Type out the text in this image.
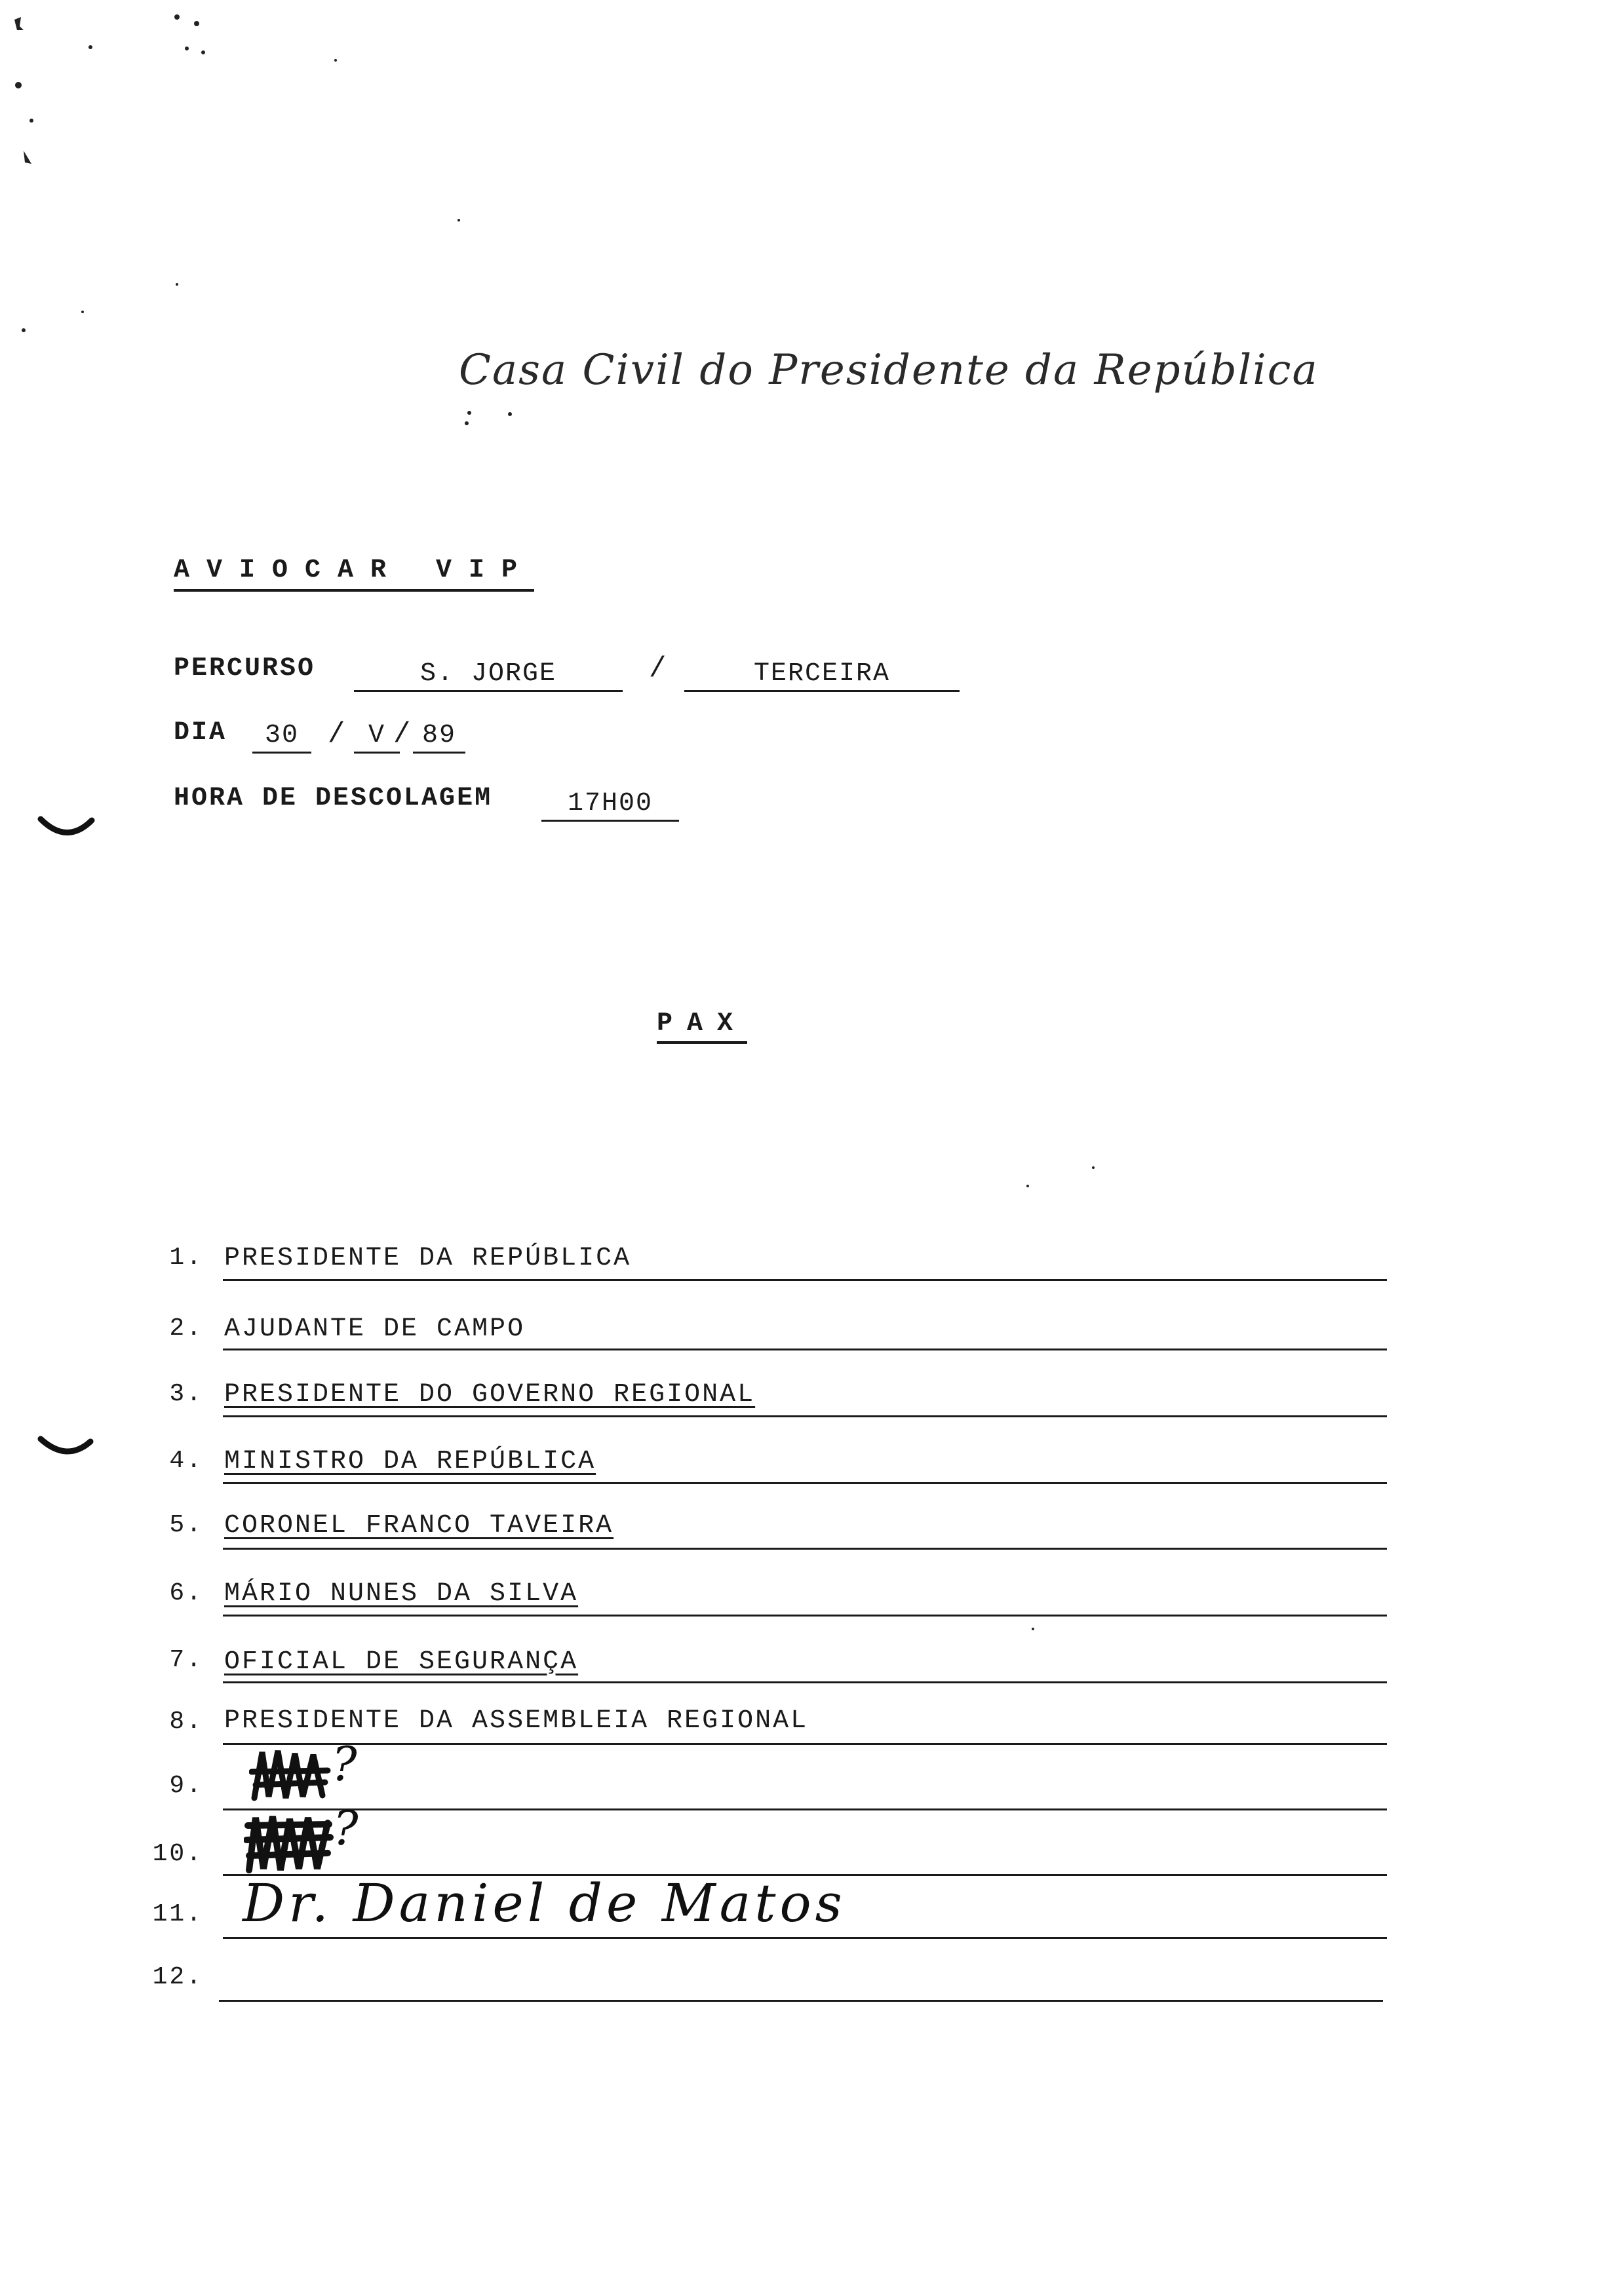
Casa Civil do Presidente da República
AVIOCAR VIP
PERCURSO	S. JORGE	/	TERCEIRA
DIA	30	/ V / 89
HORA DE DESCOLAGEM	17H00
PAX
1. PRESIDENTE DA REPÚBLICA
2. AJUDANTE DE CAMPO
3. PRESIDENTE DO GOVERNO REGIONAL
4. MINISTRO DA REPÚBLICA
5. CORONEL FRANCO TAVEIRA
6. MÁRIO NUNES DA SILVA
7. OFICIAL DE SEGURANÇA
8. PRESIDENTE DA ASSEMBLEIA REGIONAL
9.	?
10.	?
11. Dr. Daniel de Matos
12.
